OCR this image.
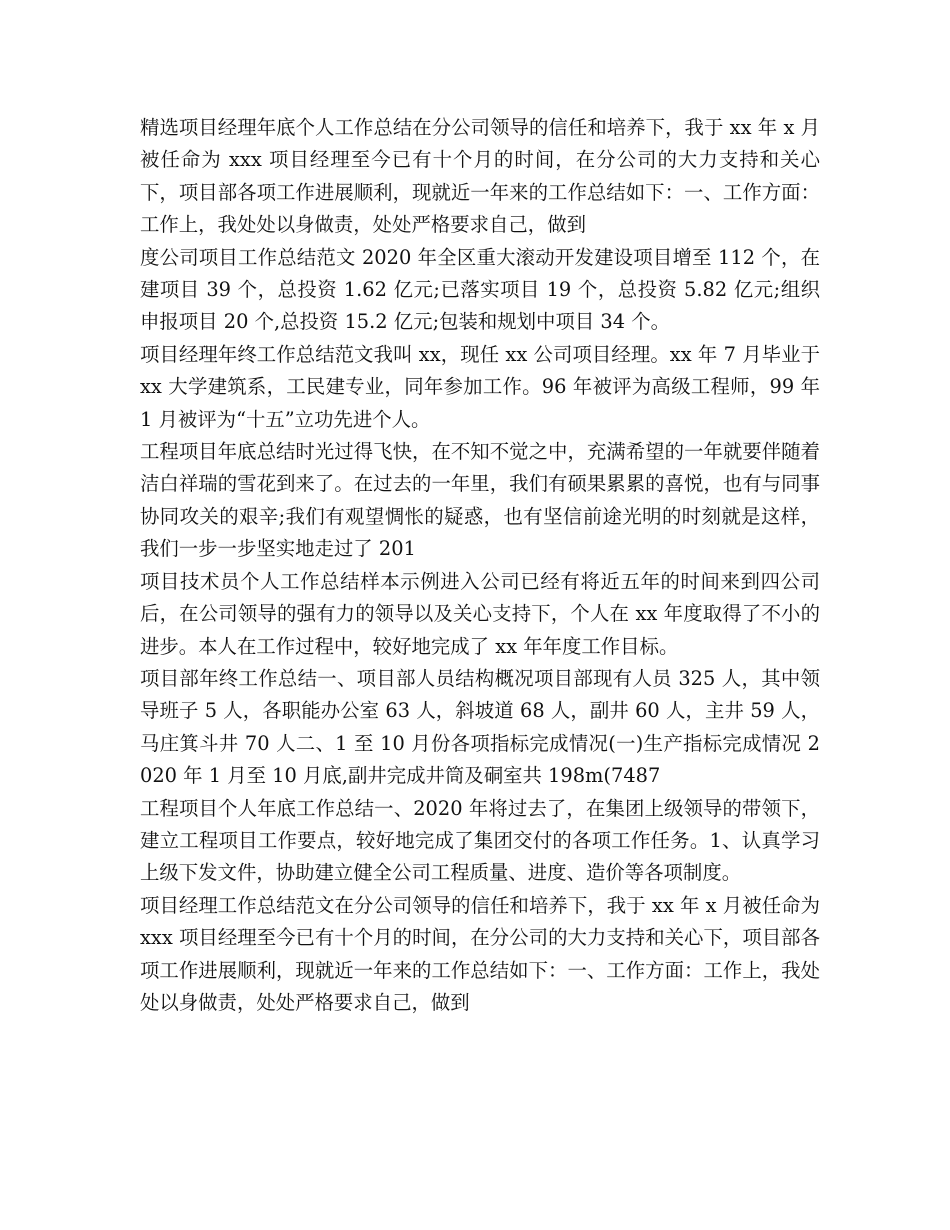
精选项目经理年底个人工作总结在分公司领导的信任和培养下，我于 xx 年 x 月被任命为 xxx 项目经理至今已有十个月的时间，在分公司的大力支持和关心下，项目部各项工作进展顺利，现就近一年来的工作总结如下：一、工作方面：工作上，我处处以身做责，处处严格要求自己，做到

度公司项目工作总结范文 2020 年全区重大滚动开发建设项目增至 112 个，在建项目 39 个，总投资 1.62 亿元;已落实项目 19 个，总投资 5.82 亿元;组织申报项目 20 个,总投资 15.2 亿元;包装和规划中项目 34 个。

项目经理年终工作总结范文我叫 xx，现任 xx 公司项目经理。xx 年 7 月毕业于 xx 大学建筑系，工民建专业，同年参加工作。96 年被评为高级工程师，99 年 1 月被评为“十五”立功先进个人。

工程项目年底总结时光过得飞快，在不知不觉之中，充满希望的一年就要伴随着洁白祥瑞的雪花到来了。在过去的一年里，我们有硕果累累的喜悦，也有与同事协同攻关的艰辛;我们有观望惆怅的疑惑，也有坚信前途光明的时刻就是这样，我们一步一步坚实地走过了 201

项目技术员个人工作总结样本示例进入公司已经有将近五年的时间来到四公司后，在公司领导的强有力的领导以及关心支持下，个人在 xx 年度取得了不小的进步。本人在工作过程中，较好地完成了 xx 年年度工作目标。

项目部年终工作总结一、项目部人员结构概况项目部现有人员 325 人，其中领导班子 5 人，各职能办公室 63 人，斜坡道 68 人，副井 60 人，主井 59 人，马庄箕斗井 70 人二、1 至 10 月份各项指标完成情况(一)生产指标完成情况 2020 年 1 月至 10 月底,副井完成井筒及硐室共 198m(7487

工程项目个人年底工作总结一、2020 年将过去了，在集团上级领导的带领下，建立工程项目工作要点，较好地完成了集团交付的各项工作任务。1、认真学习上级下发文件，协助建立健全公司工程质量、进度、造价等各项制度。

项目经理工作总结范文在分公司领导的信任和培养下，我于 xx 年 x 月被任命为 xxx 项目经理至今已有十个月的时间，在分公司的大力支持和关心下，项目部各项工作进展顺利，现就近一年来的工作总结如下：一、工作方面：工作上，我处处以身做责，处处严格要求自己，做到
